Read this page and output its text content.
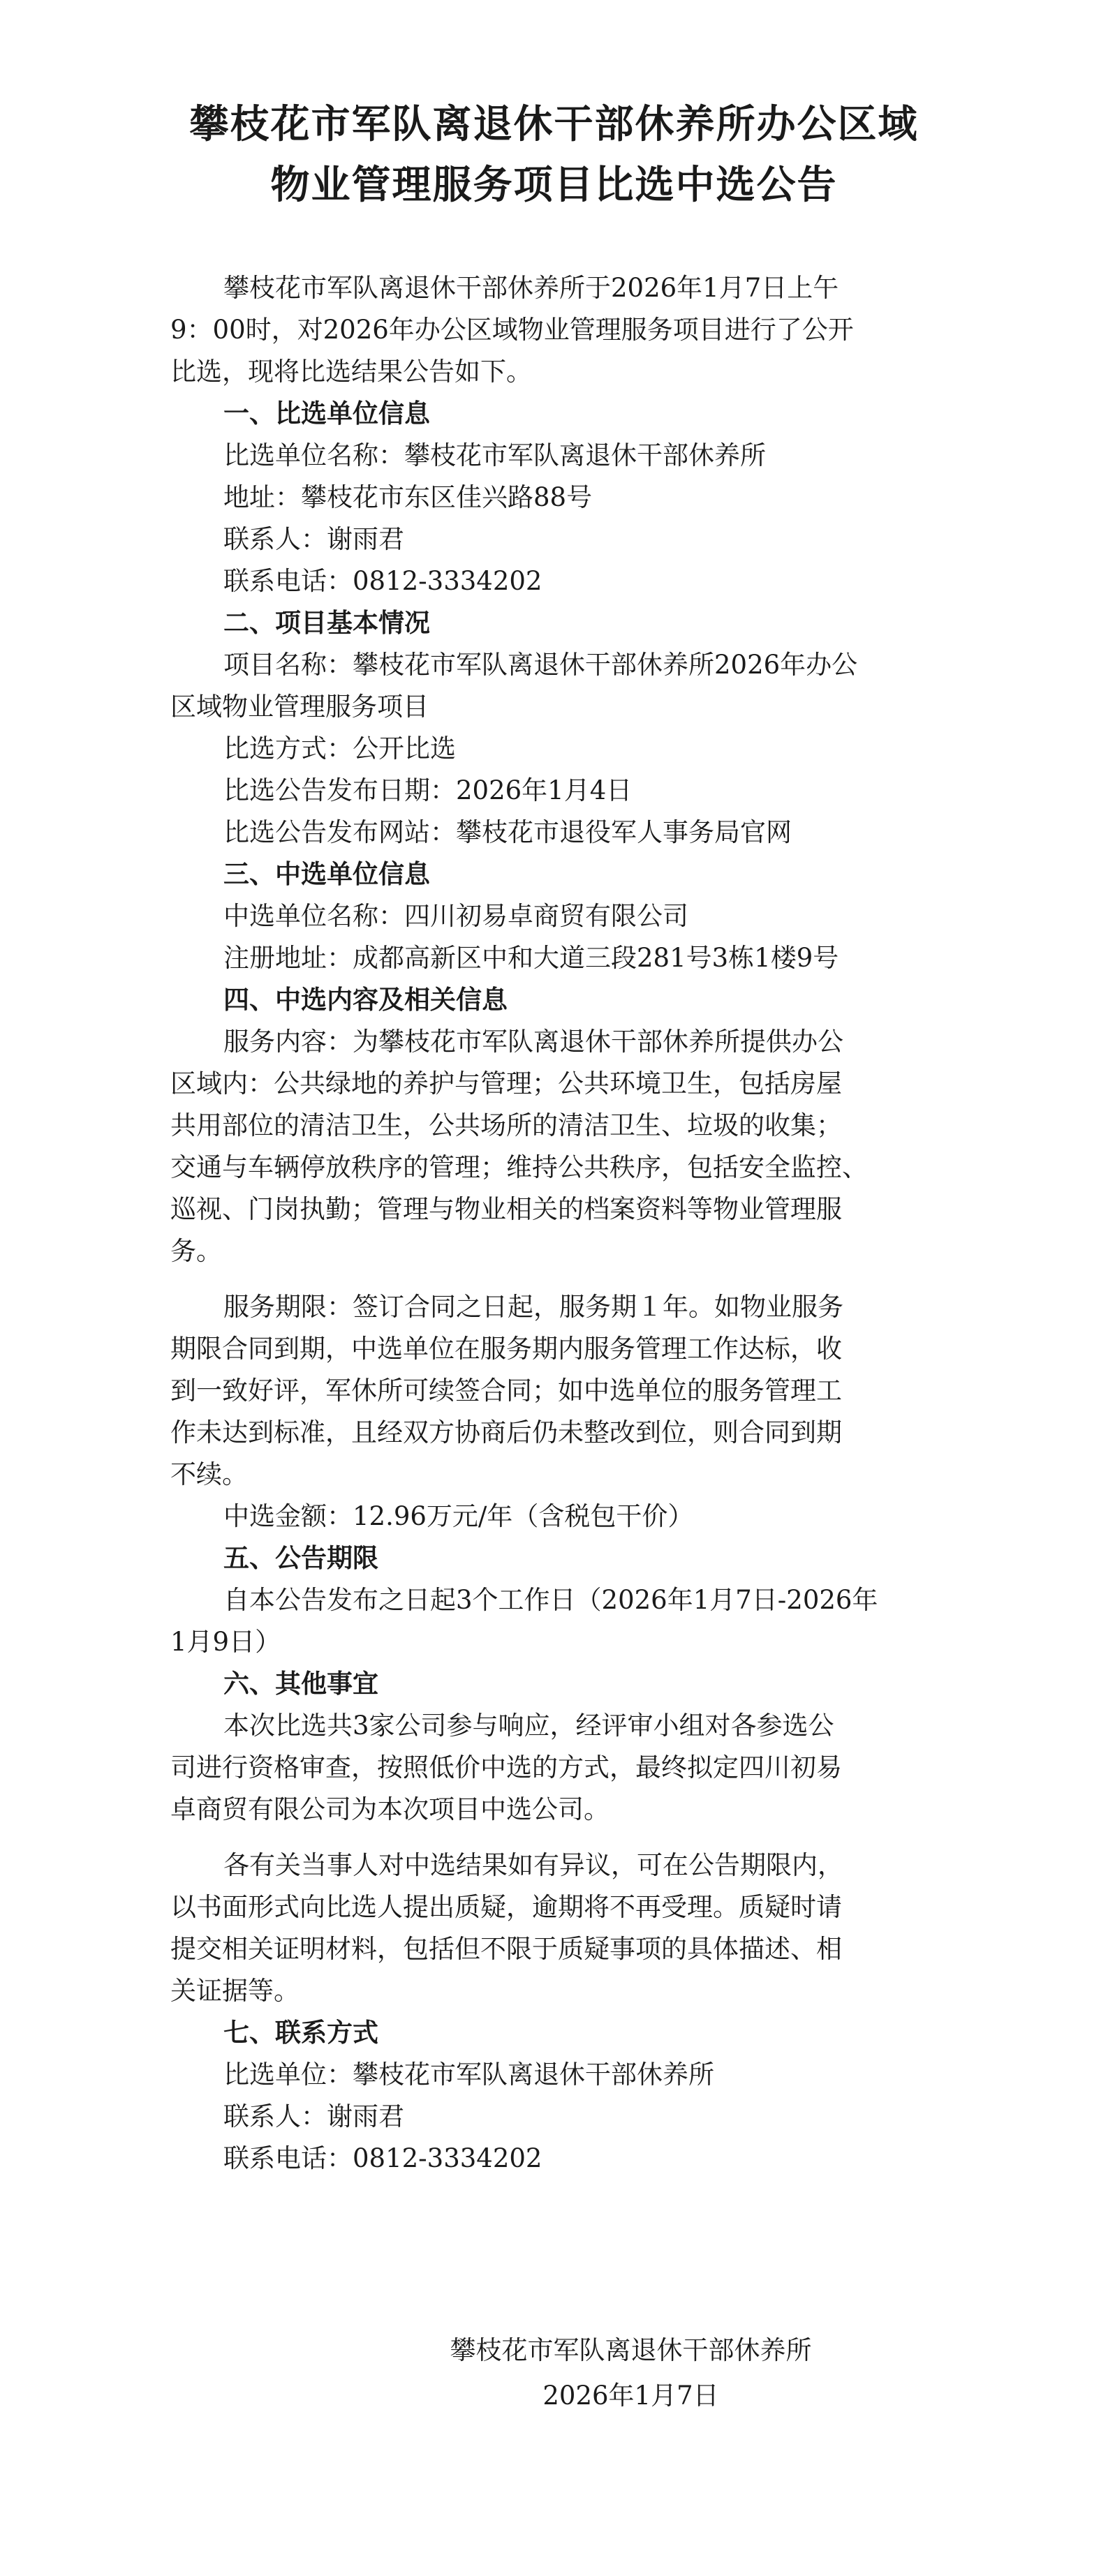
攀枝花市军队离退休干部休养所办公区域
物业管理服务项目比选中选公告

攀枝花市军队离退休干部休养所于2026年1月7日上午

9：00时，对2026年办公区域物业管理服务项目进行了公开

比选，现将比选结果公告如下。

一、比选单位信息

比选单位名称：攀枝花市军队离退休干部休养所

地址：攀枝花市东区佳兴路88号

联系人：谢雨君

联系电话：0812-3334202

二、项目基本情况

项目名称：攀枝花市军队离退休干部休养所2026年办公

区域物业管理服务项目

比选方式：公开比选

比选公告发布日期：2026年1月4日

比选公告发布网站：攀枝花市退役军人事务局官网

三、中选单位信息

中选单位名称：四川初易卓商贸有限公司

注册地址：成都高新区中和大道三段281号3栋1楼9号

四、中选内容及相关信息

服务内容：为攀枝花市军队离退休干部休养所提供办公

区域内：公共绿地的养护与管理；公共环境卫生，包括房屋

共用部位的清洁卫生，公共场所的清洁卫生、垃圾的收集；

交通与车辆停放秩序的管理；维持公共秩序，包括安全监控、

巡视、门岗执勤；管理与物业相关的档案资料等物业管理服

务。

服务期限：签订合同之日起，服务期１年。如物业服务

期限合同到期，中选单位在服务期内服务管理工作达标，收

到一致好评，军休所可续签合同；如中选单位的服务管理工

作未达到标准，且经双方协商后仍未整改到位，则合同到期

不续。

中选金额：12.96万元/年（含税包干价）

五、公告期限

自本公告发布之日起3个工作日（2026年1月7日-2026年

1月9日）

六、其他事宜

本次比选共3家公司参与响应，经评审小组对各参选公

司进行资格审查，按照低价中选的方式，最终拟定四川初易

卓商贸有限公司为本次项目中选公司。

各有关当事人对中选结果如有异议，可在公告期限内，

以书面形式向比选人提出质疑，逾期将不再受理。质疑时请

提交相关证明材料，包括但不限于质疑事项的具体描述、相

关证据等。

七、联系方式

比选单位：攀枝花市军队离退休干部休养所

联系人：谢雨君

联系电话：0812-3334202

攀枝花市军队离退休干部休养所

2026年1月7日
